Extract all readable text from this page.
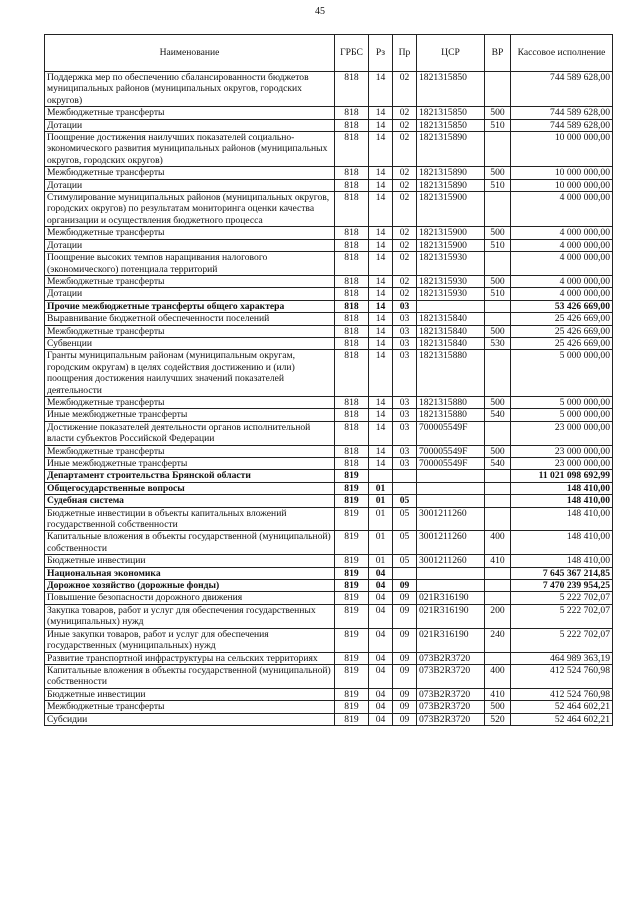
45
Наименование	ГРБС	Рз	Пр	ЦСР	ВР	Кассовое исполнение
Поддержка мер по обеспечению сбалансированности бюджетов муниципальных районов (муниципальных округов, городских округов)	818	14	02	1821315850		744 589 628,00
Межбюджетные трансферты	818	14	02	1821315850	500	744 589 628,00
Дотации	818	14	02	1821315850	510	744 589 628,00
Поощрение достижения наилучших показателей социально-экономического развития муниципальных районов (муниципальных округов, городских округов)	818	14	02	1821315890		10 000 000,00
Межбюджетные трансферты	818	14	02	1821315890	500	10 000 000,00
Дотации	818	14	02	1821315890	510	10 000 000,00
Стимулирование муниципальных районов (муниципальных округов, городских округов) по результатам мониторинга оценки качества организации и осуществления бюджетного процесса	818	14	02	1821315900		4 000 000,00
Межбюджетные трансферты	818	14	02	1821315900	500	4 000 000,00
Дотации	818	14	02	1821315900	510	4 000 000,00
Поощрение высоких темпов наращивания налогового (экономического) потенциала территорий	818	14	02	1821315930		4 000 000,00
Межбюджетные трансферты	818	14	02	1821315930	500	4 000 000,00
Дотации	818	14	02	1821315930	510	4 000 000,00
Прочие межбюджетные трансферты общего характера	818	14	03			53 426 669,00
Выравнивание бюджетной обеспеченности поселений	818	14	03	1821315840		25 426 669,00
Межбюджетные трансферты	818	14	03	1821315840	500	25 426 669,00
Субвенции	818	14	03	1821315840	530	25 426 669,00
Гранты муниципальным районам (муниципальным округам, городским округам) в целях содействия достижению и (или) поощрения достижения наилучших значений показателей деятельности	818	14	03	1821315880		5 000 000,00
Межбюджетные трансферты	818	14	03	1821315880	500	5 000 000,00
Иные межбюджетные трансферты	818	14	03	1821315880	540	5 000 000,00
Достижение показателей деятельности органов исполнительной власти субъектов Российской Федерации	818	14	03	700005549F		23 000 000,00
Межбюджетные трансферты	818	14	03	700005549F	500	23 000 000,00
Иные межбюджетные трансферты	818	14	03	700005549F	540	23 000 000,00
Департамент строительства Брянской области	819					11 021 098 692,99
Общегосударственные вопросы	819	01				148 410,00
Судебная система	819	01	05			148 410,00
Бюджетные инвестиции в объекты капитальных вложений государственной собственности	819	01	05	3001211260		148 410,00
Капитальные вложения в объекты государственной (муниципальной) собственности	819	01	05	3001211260	400	148 410,00
Бюджетные инвестиции	819	01	05	3001211260	410	148 410,00
Национальная экономика	819	04				7 645 367 214,85
Дорожное хозяйство (дорожные фонды)	819	04	09			7 470 239 954,25
Повышение безопасности дорожного движения	819	04	09	021R316190		5 222 702,07
Закупка товаров, работ и услуг для обеспечения государственных (муниципальных) нужд	819	04	09	021R316190	200	5 222 702,07
Иные закупки товаров, работ и услуг для обеспечения государственных (муниципальных) нужд	819	04	09	021R316190	240	5 222 702,07
Развитие транспортной инфраструктуры на сельских территориях	819	04	09	073B2R3720		464 989 363,19
Капитальные вложения в объекты государственной (муниципальной) собственности	819	04	09	073B2R3720	400	412 524 760,98
Бюджетные инвестиции	819	04	09	073B2R3720	410	412 524 760,98
Межбюджетные трансферты	819	04	09	073B2R3720	500	52 464 602,21
Субсидии	819	04	09	073B2R3720	520	52 464 602,21
